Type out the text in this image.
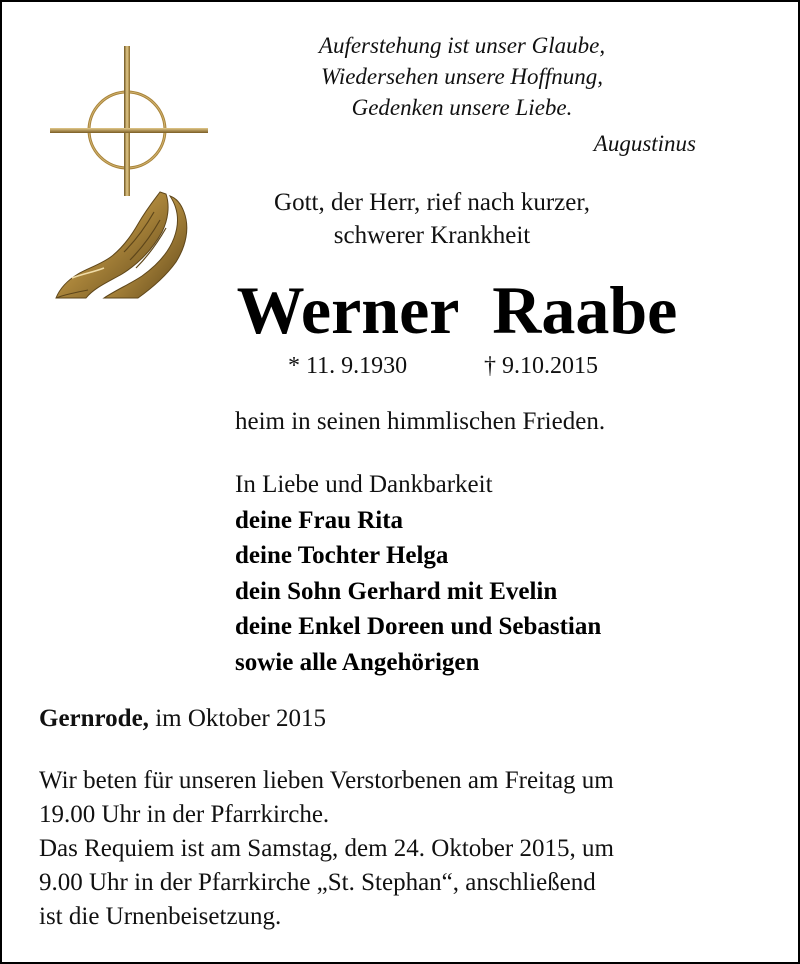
Auferstehung ist unser Glaube,
Wiedersehen unsere Hoffnung,
Gedenken unsere Liebe.
Augustinus
Gott, der Herr, rief nach kurzer,
schwerer Krankheit
Werner  Raabe
* 11. 9.1930	† 9.10.2015
heim in seinen himmlischen Frieden.
In Liebe und Dankbarkeit
deine Frau Rita
deine Tochter Helga
dein Sohn Gerhard mit Evelin
deine Enkel Doreen und Sebastian
sowie alle Angehörigen
Gernrode, im Oktober 2015
Wir beten für unseren lieben Verstorbenen am Freitag um
19.00 Uhr in der Pfarrkirche.
Das Requiem ist am Samstag, dem 24. Oktober 2015, um
9.00 Uhr in der Pfarrkirche „St. Stephan“, anschließend
ist die Urnenbeisetzung.
